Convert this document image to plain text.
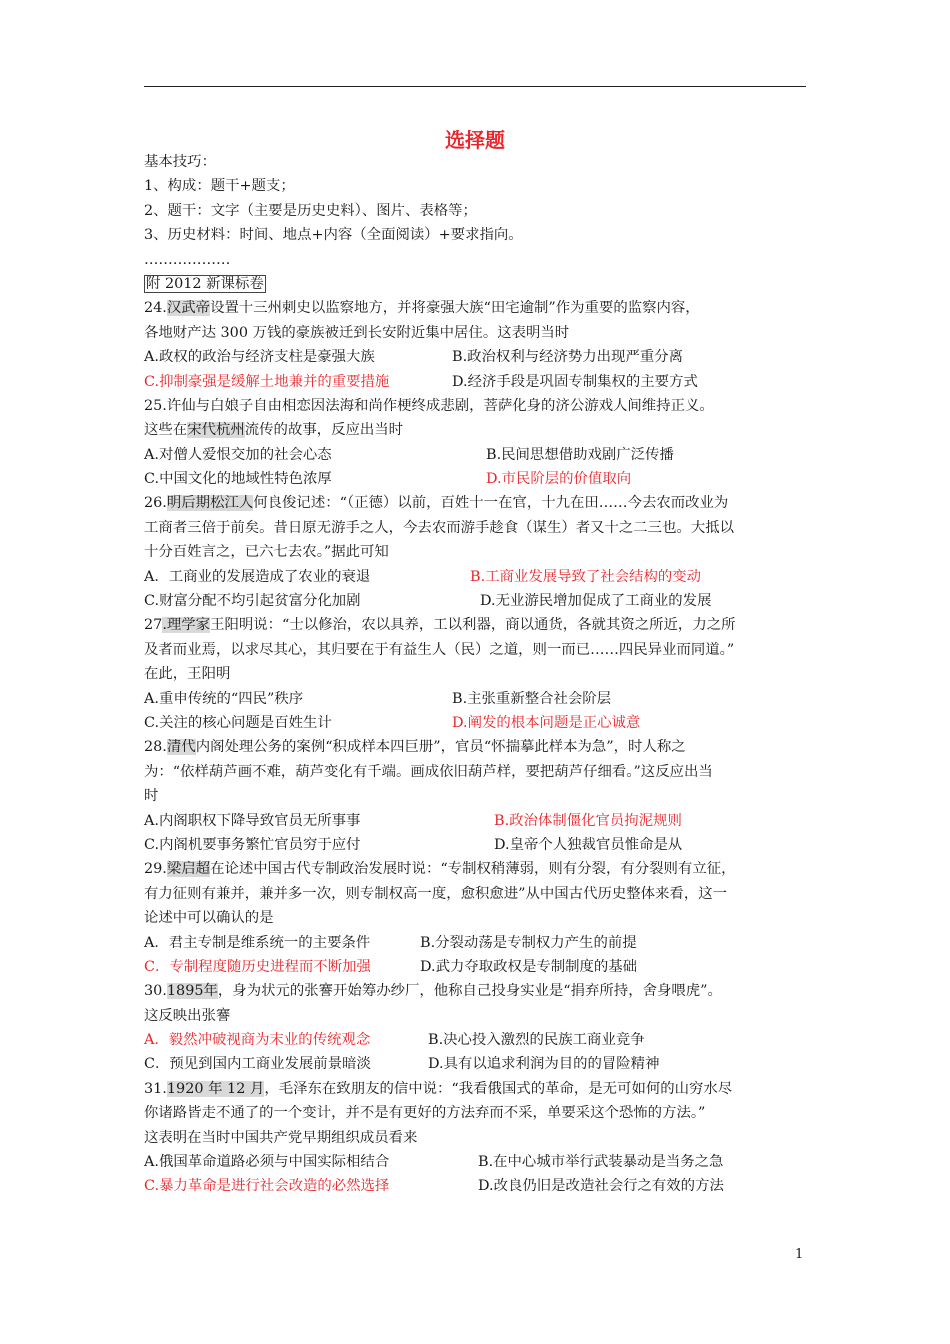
选择题
基本技巧：
1、构成：题干+题支；
2、题干：文字（主要是历史史料）、图片、表格等；
3、历史材料：时间、地点+内容（全面阅读）+要求指向。
………………
附 2012 新课标卷
24.汉武帝设置十三州刺史以监察地方，并将豪强大族“田宅逾制”作为重要的监察内容，
各地财产达 300 万钱的豪族被迁到长安附近集中居住。这表明当时
A.政权的政治与经济支柱是豪强大族	B.政治权利与经济势力出现严重分离
C.抑制豪强是缓解土地兼并的重要措施	D.经济手段是巩固专制集权的主要方式
25.许仙与白娘子自由相恋因法海和尚作梗终成悲剧，菩萨化身的济公游戏人间维持正义。
这些在宋代杭州流传的故事，反应出当时
A.对僧人爱恨交加的社会心态	B.民间思想借助戏剧广泛传播
C.中国文化的地域性特色浓厚	D.市民阶层的价值取向
26.明后期松江人何良俊记述：“（正德）以前，百姓十一在官，十九在田……今去农而改业为
工商者三倍于前矣。昔日原无游手之人，今去农而游手趁食（谋生）者又十之二三也。大抵以
十分百姓言之，已六七去农。”据此可知
A．工商业的发展造成了农业的衰退	B.工商业发展导致了社会结构的变动
C.财富分配不均引起贫富分化加剧	D.无业游民增加促成了工商业的发展
27.理学家王阳明说：“士以修治，农以具养，工以利器，商以通货，各就其资之所近，力之所
及者而业焉，以求尽其心，其归要在于有益生人（民）之道，则一而已……四民异业而同道。”
在此，王阳明
A.重申传统的“四民”秩序	B.主张重新整合社会阶层
C.关注的核心问题是百姓生计	D.阐发的根本问题是正心诚意
28.清代内阁处理公务的案例“积成样本四巨册”，官员“怀揣摹此样本为急”，时人称之
为：“依样葫芦画不难，葫芦变化有千端。画成依旧葫芦样，要把葫芦仔细看。”这反应出当
时
A.内阁职权下降导致官员无所事事	B.政治体制僵化官员拘泥规则
C.内阁机要事务繁忙官员穷于应付	D.皇帝个人独裁官员惟命是从
29.梁启超在论述中国古代专制政治发展时说：“专制权稍薄弱，则有分裂，有分裂则有立征，
有力征则有兼并，兼并多一次，则专制权高一度，愈积愈进”从中国古代历史整体来看，这一
论述中可以确认的是
A．君主专制是维系统一的主要条件	B.分裂动荡是专制权力产生的前提
C．专制程度随历史进程而不断加强	D.武力夺取政权是专制制度的基础
30.1895年，身为状元的张謇开始筹办纱厂，他称自己投身实业是“捐弃所持，舍身喂虎”。
这反映出张謇
A．毅然冲破视商为末业的传统观念	B.决心投入激烈的民族工商业竞争
C．预见到国内工商业发展前景暗淡	D.具有以追求利润为目的的冒险精神
31.1920 年 12 月，毛泽东在致朋友的信中说：“我看俄国式的革命，是无可如何的山穷水尽
你诸路皆走不通了的一个变计，并不是有更好的方法弃而不采，单要采这个恐怖的方法。”
这表明在当时中国共产党早期组织成员看来
A.俄国革命道路必须与中国实际相结合	B.在中心城市举行武装暴动是当务之急
C.暴力革命是进行社会改造的必然选择	D.改良仍旧是改造社会行之有效的方法
1
